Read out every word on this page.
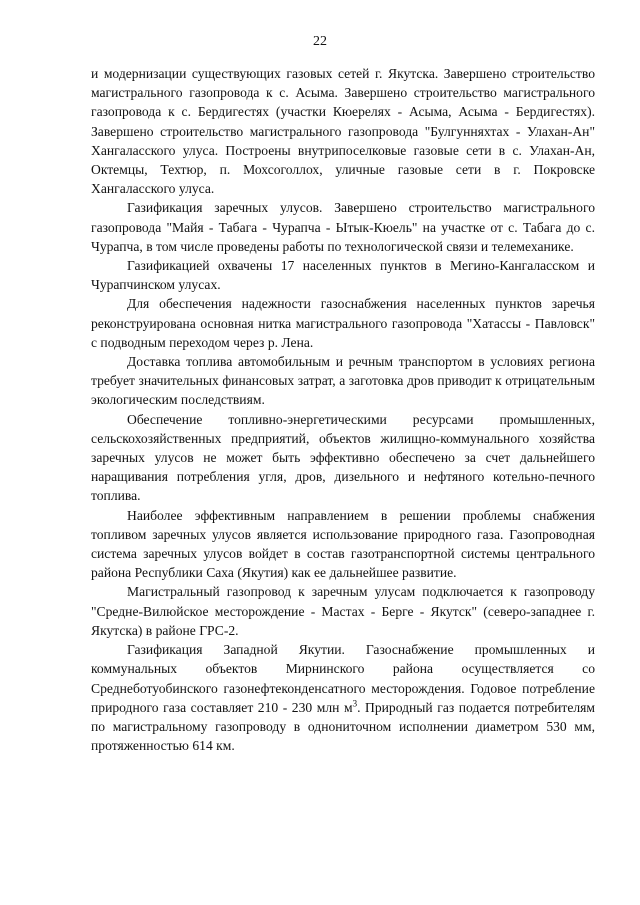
22

и модернизации существующих газовых сетей г. Якутска. Завершено строительство магистрального газопровода к с. Асыма. Завершено строительство магистрального газопровода к с. Бердигестях (участки Кюерелях - Асыма, Асыма - Бердигестях). Завершено строительство магистрального газопровода "Булгунняхтах - Улахан-Ан" Хангаласского улуса. Построены внутрипоселковые газовые сети в с. Улахан-Ан, Октемцы, Техтюр, п. Мохсоголлох, уличные газовые сети в г. Покровске Хангаласского улуса.

Газификация заречных улусов. Завершено строительство магистрального газопровода "Майя - Табага - Чурапча - Ытык-Кюель" на участке от с. Табага до с. Чурапча, в том числе проведены работы по технологической связи и телемеханике.

Газификацией охвачены 17 населенных пунктов в Мегино-Кангаласском и Чурапчинском улусах.

Для обеспечения надежности газоснабжения населенных пунктов заречья реконструирована основная нитка магистрального газопровода "Хатассы - Павловск" с подводным переходом через р. Лена.

Доставка топлива автомобильным и речным транспортом в условиях региона требует значительных финансовых затрат, а заготовка дров приводит к отрицательным экологическим последствиям.

Обеспечение топливно-энергетическими ресурсами промышленных, сельскохозяйственных предприятий, объектов жилищно-коммунального хозяйства заречных улусов не может быть эффективно обеспечено за счет дальнейшего наращивания потребления угля, дров, дизельного и нефтяного котельно-печного топлива.

Наиболее эффективным направлением в решении проблемы снабжения топливом заречных улусов является использование природного газа. Газопроводная система заречных улусов войдет в состав газотранспортной системы центрального района Республики Саха (Якутия) как ее дальнейшее развитие.

Магистральный газопровод к заречным улусам подключается к газопроводу "Средне-Вилюйское месторождение - Мастах - Берге - Якутск" (северо-западнее г. Якутска) в районе ГРС-2.

Газификация Западной Якутии. Газоснабжение промышленных и коммунальных объектов Мирнинского района осуществляется со Среднеботуобинского газонефтеконденсатного месторождения. Годовое потребление природного газа составляет 210 - 230 млн $м^3$. Природный газ подается потребителям по магистральному газопроводу в однониточном исполнении диаметром 530 мм, протяженностью 614 км.
